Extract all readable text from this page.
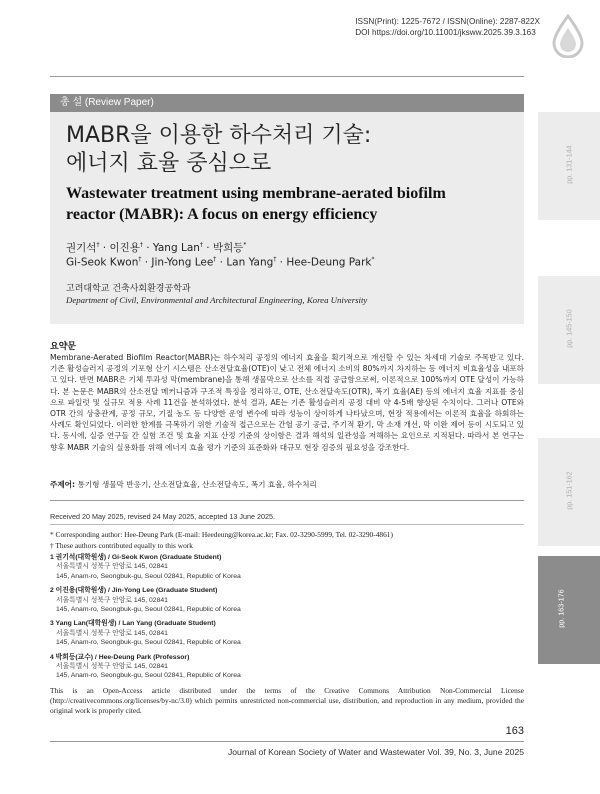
ISSN(Print): 1225-7672 / ISSN(Online): 2287-822X
DOI https://doi.org/10.11001/jksww.2025.39.3.163
총 설 (Review Paper)
MABR을 이용한 하수처리 기술:
에너지 효율 중심으로
Wastewater treatment using membrane-aerated biofilm
reactor (MABR): A focus on energy efficiency
권기석† · 이진용† · Yang Lan† · 박희등*
Gi-Seok Kwon† · Jin-Yong Lee† · Lan Yang† · Hee-Deung Park*
고려대학교 건축사회환경공학과
Department of Civil, Environmental and Architectural Engineering, Korea University
요약문
Membrane-Aerated Biofilm Reactor(MABR)는 하수처리 공정의 에너지 효율을 획기적으로 개선할 수 있는 차세대 기술로 주목받고 있다. 기존 활성슬러지 공정의 기포형 산기 시스템은 산소전달효율(OTE)이 낮고 전체 에너지 소비의 80%까지 차지하는 등 에너지 비효율성을 내포하고 있다. 반면 MABR은 기체 투과성 막(membrane)을 통해 생물막으로 산소를 직접 공급함으로써, 이론적으로 100%까지 OTE 달성이 가능하다. 본 논문은 MABR의 산소전달 메커니즘과 구조적 특징을 정리하고, OTE, 산소전달속도(OTR), 폭기 효율(AE) 등의 에너지 효율 지표를 중심으로 파일럿 및 실규모 적용 사례 11건을 분석하였다. 분석 결과, AE는 기존 활성슬러지 공정 대비 약 4-5배 향상된 수치이다. 그러나 OTE와 OTR 간의 상충관계, 공정 규모, 기질 농도 등 다양한 운영 변수에 따라 성능이 상이하게 나타났으며, 현장 적용에서는 이론적 효율을 하회하는 사례도 확인되었다. 이러한 한계를 극복하기 위한 기술적 접근으로는 간헐 공기 공급, 주기적 환기, 막 소재 개선, 막 이완 제어 등이 시도되고 있다. 동시에, 실증 연구들 간 실험 조건 및 효율 지표 산정 기준의 상이함은 결과 해석의 일관성을 저해하는 요인으로 지적된다. 따라서 본 연구는 향후 MABR 기술의 실용화를 위해 에너지 효율 평가 기준의 표준화와 대규모 현장 검증의 필요성을 강조한다.
주제어: 통기형 생물막 반응기, 산소전달효율, 산소전달속도, 폭기 효율, 하수처리
Received 20 May 2025, revised 24 May 2025, accepted 13 June 2025.
* Corresponding author: Hee-Deung Park (E-mail: Heedeung@korea.ac.kr; Fax. 02-3290-5999, Tel. 02-3290-4861)
† These authors contributed equally to this work
1 권기석(대학원생) / Gi-Seok Kwon (Graduate Student)
서울특별시 성북구 안암로 145, 02841
145, Anam-ro, Seongbuk-gu, Seoul 02841, Republic of Korea
2 이진용(대학원생) / Jin-Yong Lee (Graduate Student)
서울특별시 성북구 안암로 145, 02841
145, Anam-ro, Seongbuk-gu, Seoul 02841, Republic of Korea
3 Yang Lan(대학원생) / Lan Yang (Graduate Student)
서울특별시 성북구 안암로 145, 02841
145, Anam-ro, Seongbuk-gu, Seoul 02841, Republic of Korea
4 박희등(교수) / Hee-Deung Park (Professor)
서울특별시 성북구 안암로 145, 02841
145, Anam-ro, Seongbuk-gu, Seoul 02841, Republic of Korea
This is an Open-Access article distributed under the terms of the Creative Commons Attribution Non-Commercial License (http://creativecommons.org/licenses/by-nc/3.0) which permits unrestricted non-commercial use, distribution, and reproduction in any medium, provided the original work is properly cited.
163
Journal of Korean Society of Water and Wastewater Vol. 39, No. 3, June 2025
pp. 131-144
pp. 145-150
pp. 151-162
pp. 163-176
